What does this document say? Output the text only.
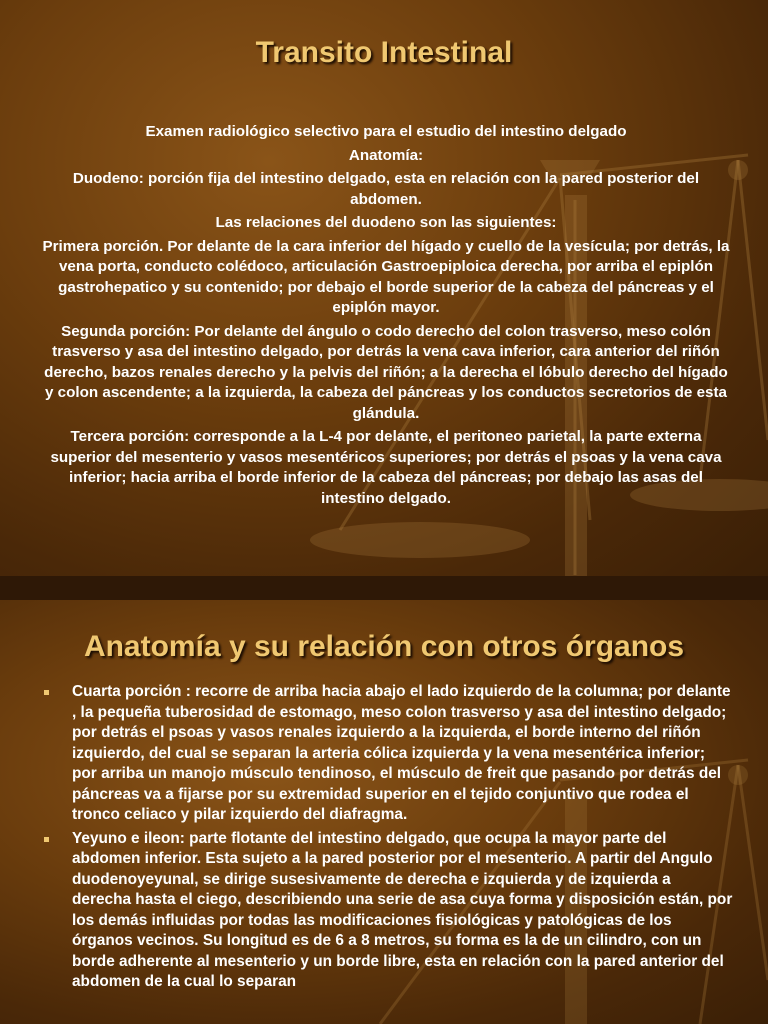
Transito Intestinal

Examen radiológico selectivo para el estudio del intestino delgado

Anatomía:

Duodeno: porción fija del intestino delgado, esta en relación con la pared posterior del abdomen.

Las relaciones del duodeno son las siguientes:

Primera porción. Por delante de la cara inferior del hígado y cuello de la vesícula; por detrás, la vena porta, conducto colédoco, articulación Gastroepiploica derecha, por arriba el epiplón gastrohepatico y su contenido; por debajo el borde superior de la cabeza del páncreas y el epiplón mayor.

Segunda porción: Por delante del ángulo o codo derecho del colon trasverso, meso colón trasverso y asa del intestino delgado, por detrás la vena cava inferior, cara anterior del riñón derecho, bazos renales derecho y la pelvis del riñón; a la derecha el lóbulo derecho del hígado y colon ascendente; a la izquierda, la cabeza del páncreas y los conductos secretorios de esta glándula.

Tercera porción: corresponde a la L-4 por delante, el peritoneo parietal, la parte externa superior del mesenterio y vasos mesentéricos superiores; por detrás el psoas y la vena cava inferior; hacia arriba el borde inferior de la cabeza del páncreas; por debajo las asas del intestino delgado.

Anatomía y su relación con otros órganos
Cuarta porción : recorre de arriba hacia abajo el lado izquierdo de la columna; por delante , la pequeña tuberosidad de estomago, meso colon trasverso y asa del intestino delgado; por detrás el psoas y vasos renales izquierdo a la izquierda, el borde interno del riñón izquierdo, del cual se separan la arteria cólica izquierda y la vena mesentérica inferior; por arriba un manojo músculo tendinoso, el músculo de freit que pasando por detrás del páncreas va a fijarse por su extremidad superior en el tejido conjuntivo que rodea el tronco celiaco y pilar izquierdo del diafragma.
Yeyuno e ileon: parte flotante del intestino delgado, que ocupa la mayor parte del abdomen inferior. Esta sujeto a la pared posterior por el mesenterio. A partir del Angulo duodenoyeyunal, se dirige susesivamente de derecha e izquierda y de izquierda a derecha hasta el ciego, describiendo una serie de asa cuya forma y disposición están, por los demás influidas por todas las modificaciones fisiológicas y patológicas de los órganos vecinos. Su longitud es de 6 a 8 metros, su forma es la de un cilindro, con un borde adherente al mesenterio y un borde libre, esta en relación con la pared anterior del abdomen de la cual lo separan
